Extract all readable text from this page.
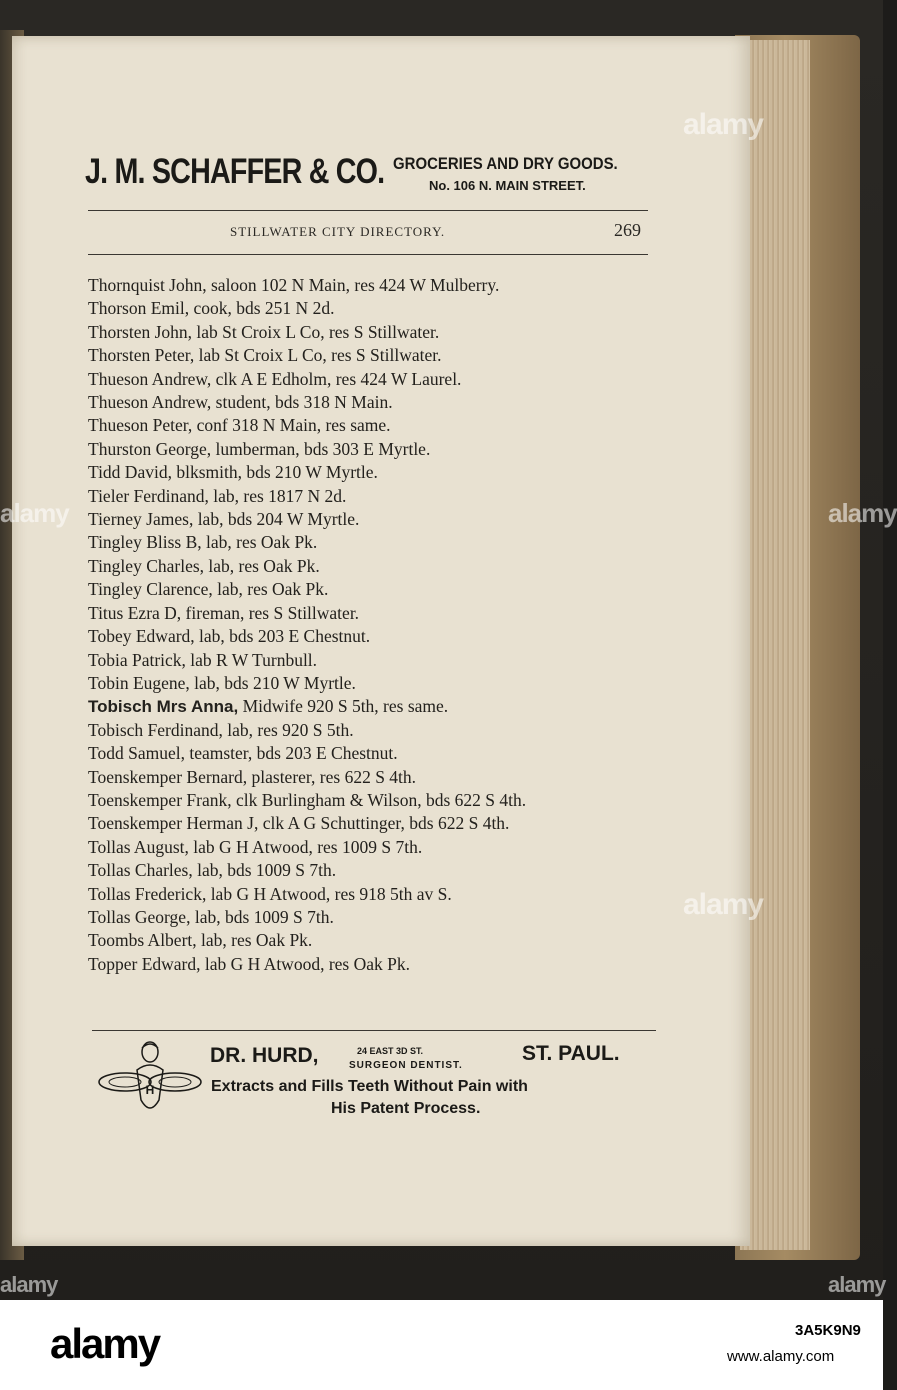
J. M. SCHAFFER & CO. GROCERIES AND DRY GOODS.
No. 106 N. MAIN STREET.
STILLWATER CITY DIRECTORY.	269
Thornquist John, saloon 102 N Main, res 424 W Mulberry.
Thorson Emil, cook, bds 251 N 2d.
Thorsten John, lab St Croix L Co, res S Stillwater.
Thorsten Peter, lab St Croix L Co, res S Stillwater.
Thueson Andrew, clk A E Edholm, res 424 W Laurel.
Thueson Andrew, student, bds 318 N Main.
Thueson Peter, conf 318 N Main, res same.
Thurston George, lumberman, bds 303 E Myrtle.
Tidd David, blksmith, bds 210 W Myrtle.
Tieler Ferdinand, lab, res 1817 N 2d.
Tierney James, lab, bds 204 W Myrtle.
Tingley Bliss B, lab, res Oak Pk.
Tingley Charles, lab, res Oak Pk.
Tingley Clarence, lab, res Oak Pk.
Titus Ezra D, fireman, res S Stillwater.
Tobey Edward, lab, bds 203 E Chestnut.
Tobia Patrick, lab R W Turnbull.
Tobin Eugene, lab, bds 210 W Myrtle.
Tobisch Mrs Anna, Midwife 920 S 5th, res same.
Tobisch Ferdinand, lab, res 920 S 5th.
Todd Samuel, teamster, bds 203 E Chestnut.
Toenskemper Bernard, plasterer, res 622 S 4th.
Toenskemper Frank, clk Burlingham & Wilson, bds 622 S 4th.
Toenskemper Herman J, clk A G Schuttinger, bds 622 S 4th.
Tollas August, lab G H Atwood, res 1009 S 7th.
Tollas Charles, lab, bds 1009 S 7th.
Tollas Frederick, lab G H Atwood, res 918 5th av S.
Tollas George, lab, bds 1009 S 7th.
Toombs Albert, lab, res Oak Pk.
Topper Edward, lab G H Atwood, res Oak Pk.
H
DR. HURD,	24 EAST 3D ST.
SURGEON DENTIST.
ST. PAUL.
Extracts and Fills Teeth Without Pain with
His Patent Process.
alamy
alamy
alamy
alamy
alamy	alamy
alamy	3A5K9N9
www.alamy.com
